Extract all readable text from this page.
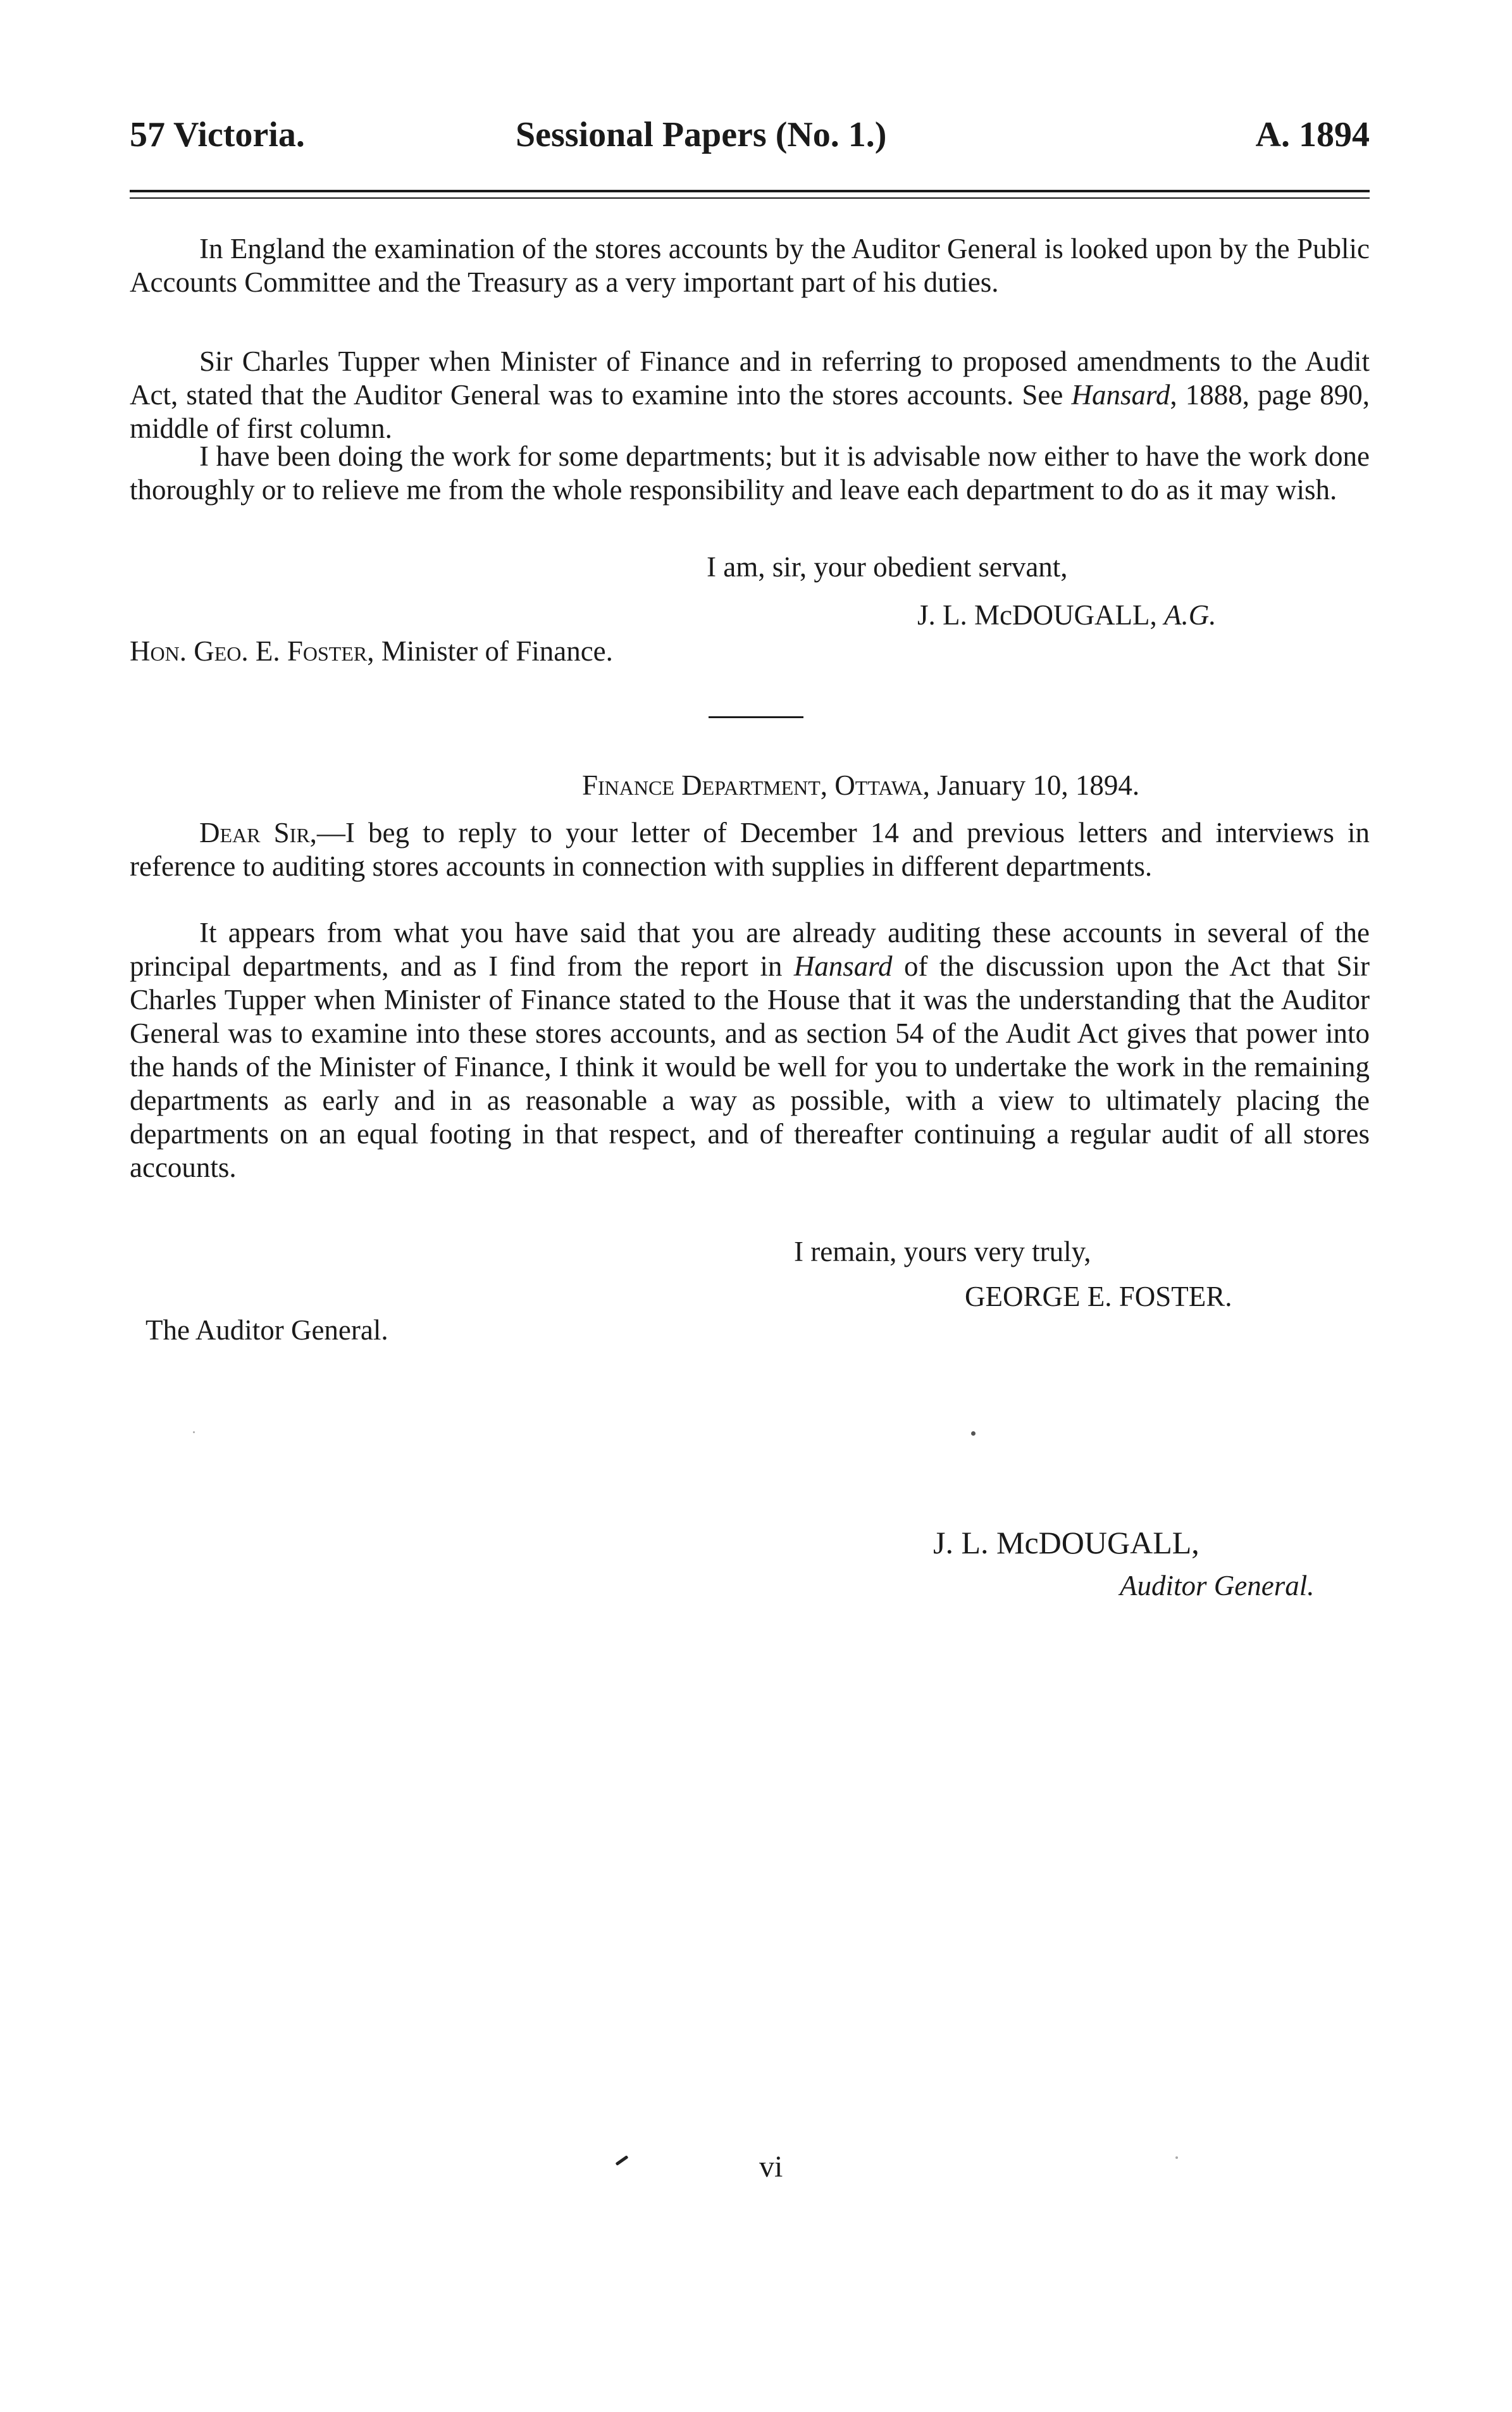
57 Victoria.	Sessional Papers (No. 1.)	A. 1894

In England the examination of the stores accounts by the Auditor General is looked upon by the Public Accounts Committee and the Treasury as a very important part of his duties.

Sir Charles Tupper when Minister of Finance and in referring to proposed amendments to the Audit Act, stated that the Auditor General was to examine into the stores accounts. See Hansard, 1888, page 890, middle of first column.

I have been doing the work for some departments; but it is advisable now either to have the work done thoroughly or to relieve me from the whole responsibility and leave each department to do as it may wish.

I am, sir, your obedient servant,
J. L. McDOUGALL, A.G.
Hon. Geo. E. Foster, Minister of Finance.
Finance Department, Ottawa, January 10, 1894.

Dear Sir,—I beg to reply to your letter of December 14 and previous letters and interviews in reference to auditing stores accounts in connection with supplies in different departments.

It appears from what you have said that you are already auditing these accounts in several of the principal departments, and as I find from the report in Hansard of the discussion upon the Act that Sir Charles Tupper when Minister of Finance stated to the House that it was the understanding that the Auditor General was to examine into these stores accounts, and as section 54 of the Audit Act gives that power into the hands of the Minister of Finance, I think it would be well for you to undertake the work in the remaining departments as early and in as reasonable a way as possible, with a view to ultimately placing the departments on an equal footing in that respect, and of thereafter continuing a regular audit of all stores accounts.

I remain, yours very truly,
GEORGE E. FOSTER.
The Auditor General.
J. L. McDOUGALL,
Auditor General.
vi
